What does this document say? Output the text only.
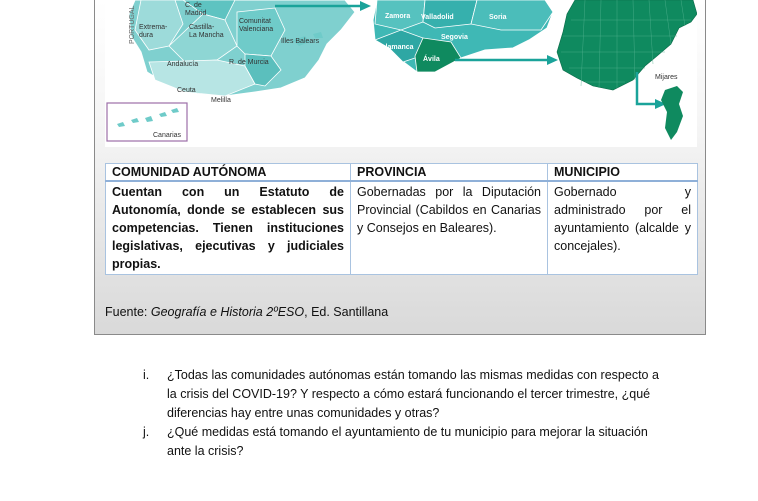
PORTUGAL
C. de
Madrid
Extrema-
dura
Castilla-
La Mancha
Comunitat
Valenciana
Illes Balears
Andalucía	R. de Murcia
Ceuta
Melilla
Canarias
Zamora Valladolid	Soria
Segovia
Salamanca
Ávila
Mijares
COMUNIDAD AUTÓNOMA	PROVINCIA	MUNICIPIO
Cuentan con un Estatuto de Autonomía, donde se establecen sus competencias. Tienen instituciones legislativas, ejecutivas y judiciales propias.	Gobernadas por la Diputación Provincial (Cabildos en Canarias y Consejos en Baleares).	Gobernado y administrado por el ayuntamiento (alcalde y concejales).
Fuente: Geografía e Historia 2ºESO, Ed. Santillana
i. ¿Todas las comunidades autónomas están tomando las mismas medidas con respecto a la crisis del COVID-19? Y respecto a cómo estará funcionando el tercer trimestre, ¿qué diferencias hay entre unas comunidades y otras?
j. ¿Qué medidas está tomando el ayuntamiento de tu municipio para mejorar la situación ante la crisis?
